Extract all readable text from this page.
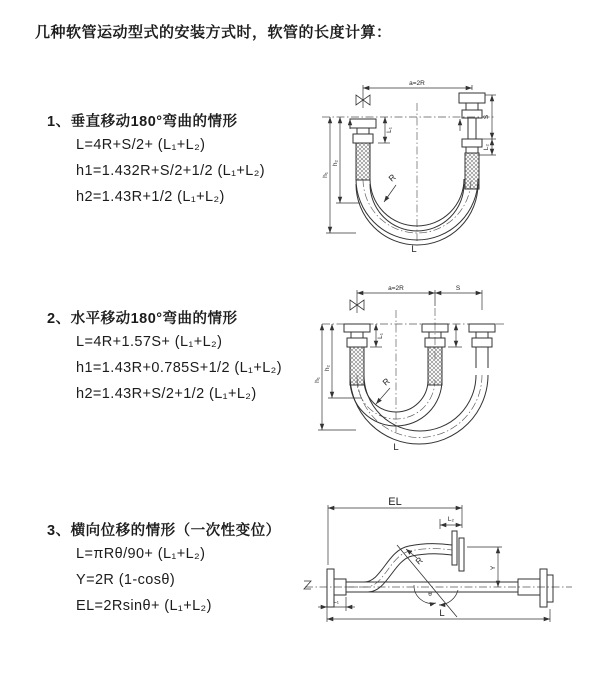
几种软管运动型式的安装方式时，软管的长度计算：
1、垂直移动180°弯曲的情形
L=4R+S/2+ (L₁+L₂)
h1=1.432R+S/2+1/2 (L₁+L₂)
h2=1.43R+1/2 (L₁+L₂)
2、水平移动180°弯曲的情形
L=4R+1.57S+ (L₁+L₂)
h1=1.43R+0.785S+1/2 (L₁+L₂)
h2=1.43R+S/2+1/2 (L₁+L₂)
3、横向位移的情形（一次性变位）
L=πRθ/90+ (L₁+L₂)
Y=2R (1-cosθ)
EL=2Rsinθ+ (L₁+L₂)
a=2R
L₁
S
L₂
h₁
h₂
R
L
a=2R	S
h₁
h₂
L₁
R
L
EL
L₂
Y
θ
R
L₁
L
